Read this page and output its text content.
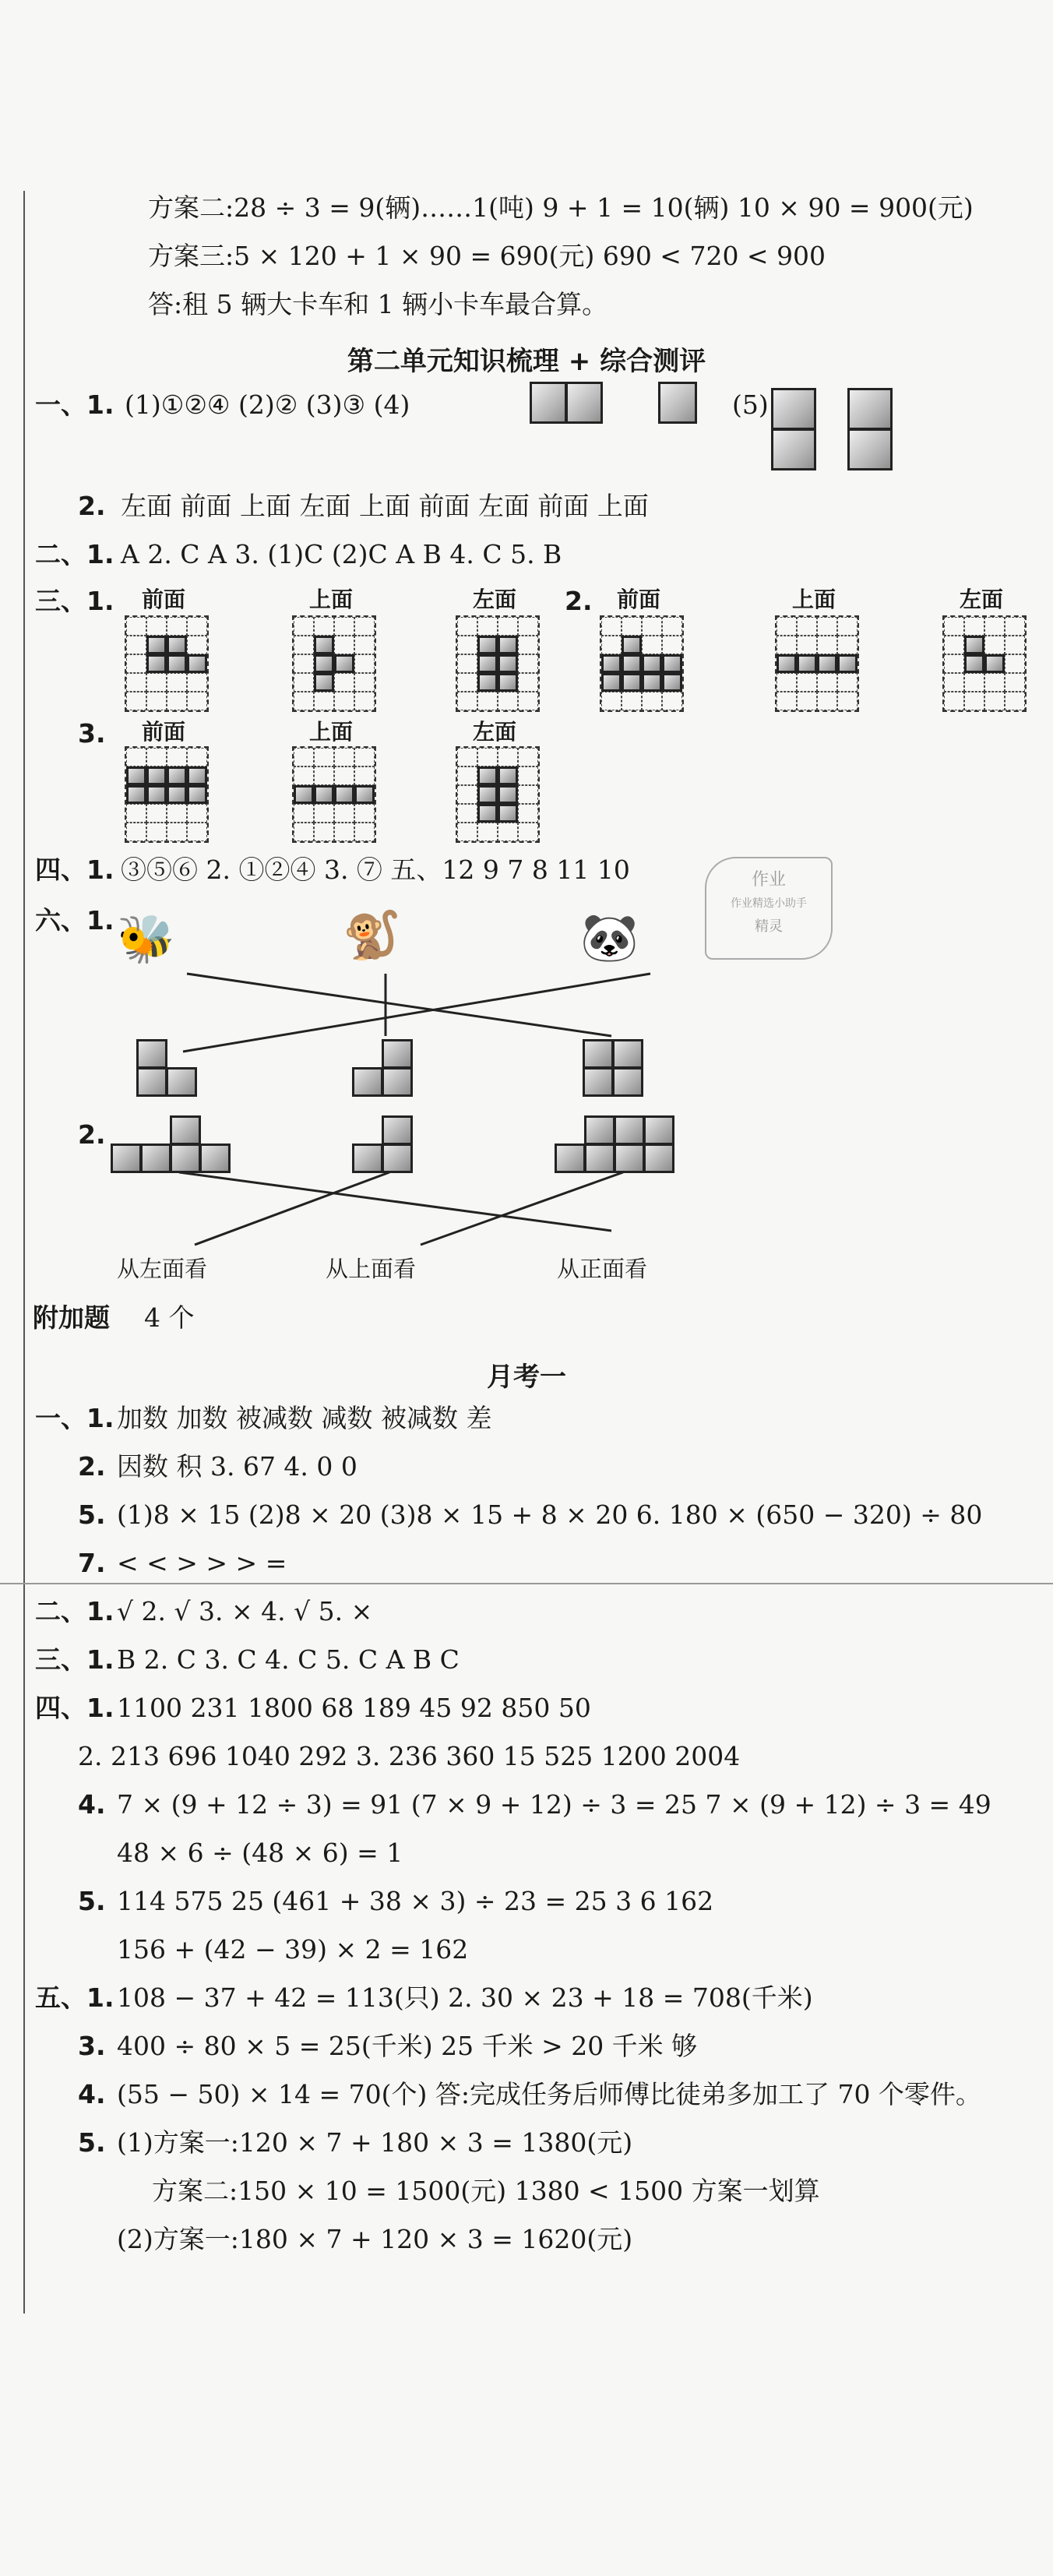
方案二:28 ÷ 3 = 9(辆)……1(吨) 9 + 1 = 10(辆) 10 × 90 = 900(元)
方案三:5 × 120 + 1 × 90 = 690(元) 690 < 720 < 900
答:租 5 辆大卡车和 1 辆小卡车最合算。
第二单元知识梳理 + 综合测评
一、1. (1)①②④ (2)② (3)③ (4)	(5)
2. 左面 前面 上面 左面 上面 前面 左面 前面 上面
二、1. A 2. C A 3. (1)C (2)C A B 4. C 5. B
三、1.	2.
3.
前面	上面	左面	前面	上面	左面
前面	上面	左面
四、1. ③⑤⑥ 2. ①②④ 3. ⑦ 五、12 9 7 8 11 10	作业
作业精选小助手
精灵
六、1. 🐝	🐒	🐼
2.
从左面看	从上面看	从正面看
附加题 4 个
月考一
一、1. 加数 加数 被减数 减数 被减数 差
2. 因数 积 3. 67 4. 0 0
5. (1)8 × 15 (2)8 × 20 (3)8 × 15 + 8 × 20 6. 180 × (650 − 320) ÷ 80
7. < < > > > =
二、1. √ 2. √ 3. × 4. √ 5. ×
三、1. B 2. C 3. C 4. C 5. C A B C
四、1. 1100 231 1800 68 189 45 92 850 50
2. 213 696 1040 292 3. 236 360 15 525 1200 2004
4. 7 × (9 + 12 ÷ 3) = 91 (7 × 9 + 12) ÷ 3 = 25 7 × (9 + 12) ÷ 3 = 49
48 × 6 ÷ (48 × 6) = 1
5. 114 575 25 (461 + 38 × 3) ÷ 23 = 25 3 6 162
156 + (42 − 39) × 2 = 162
五、1. 108 − 37 + 42 = 113(只) 2. 30 × 23 + 18 = 708(千米)
3. 400 ÷ 80 × 5 = 25(千米) 25 千米 > 20 千米 够
4. (55 − 50) × 14 = 70(个) 答:完成任务后师傅比徒弟多加工了 70 个零件。
5. (1)方案一:120 × 7 + 180 × 3 = 1380(元)
方案二:150 × 10 = 1500(元) 1380 < 1500 方案一划算
(2)方案一:180 × 7 + 120 × 3 = 1620(元)
